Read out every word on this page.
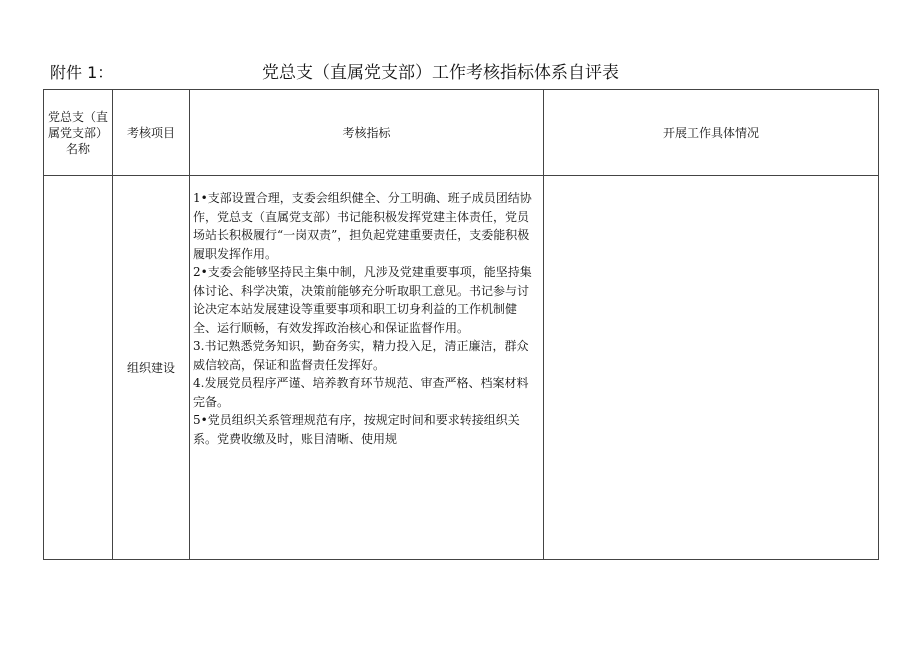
附件 1：	党总支（直属党支部）工作考核指标体系自评表
党总支（直属党支部）名称	考核项目	考核指标	开展工作具体情况
	组织建设	1•支部设置合理，支委会组织健全、分工明确、班子成员团结协作，党总支（直属党支部）书记能积极发挥党建主体责任，党员场站长积极履行“一岗双责”，担负起党建重要责任，支委能积极履职发挥作用。

2•支委会能够坚持民主集中制，凡涉及党建重要事项，能坚持集体讨论、科学决策，决策前能够充分听取职工意见。书记参与讨论决定本站发展建设等重要事项和职工切身利益的工作机制健全、运行顺畅，有效发挥政治核心和保证监督作用。

3.书记熟悉党务知识，勤奋务实，精力投入足，清正廉洁，群众威信较高，保证和监督责任发挥好。

4.发展党员程序严谨、培养教育环节规范、审查严格、档案材料完备。

5•党员组织关系管理规范有序，按规定时间和要求转接组织关系。党费收缴及时，账目清晰、使用规	
